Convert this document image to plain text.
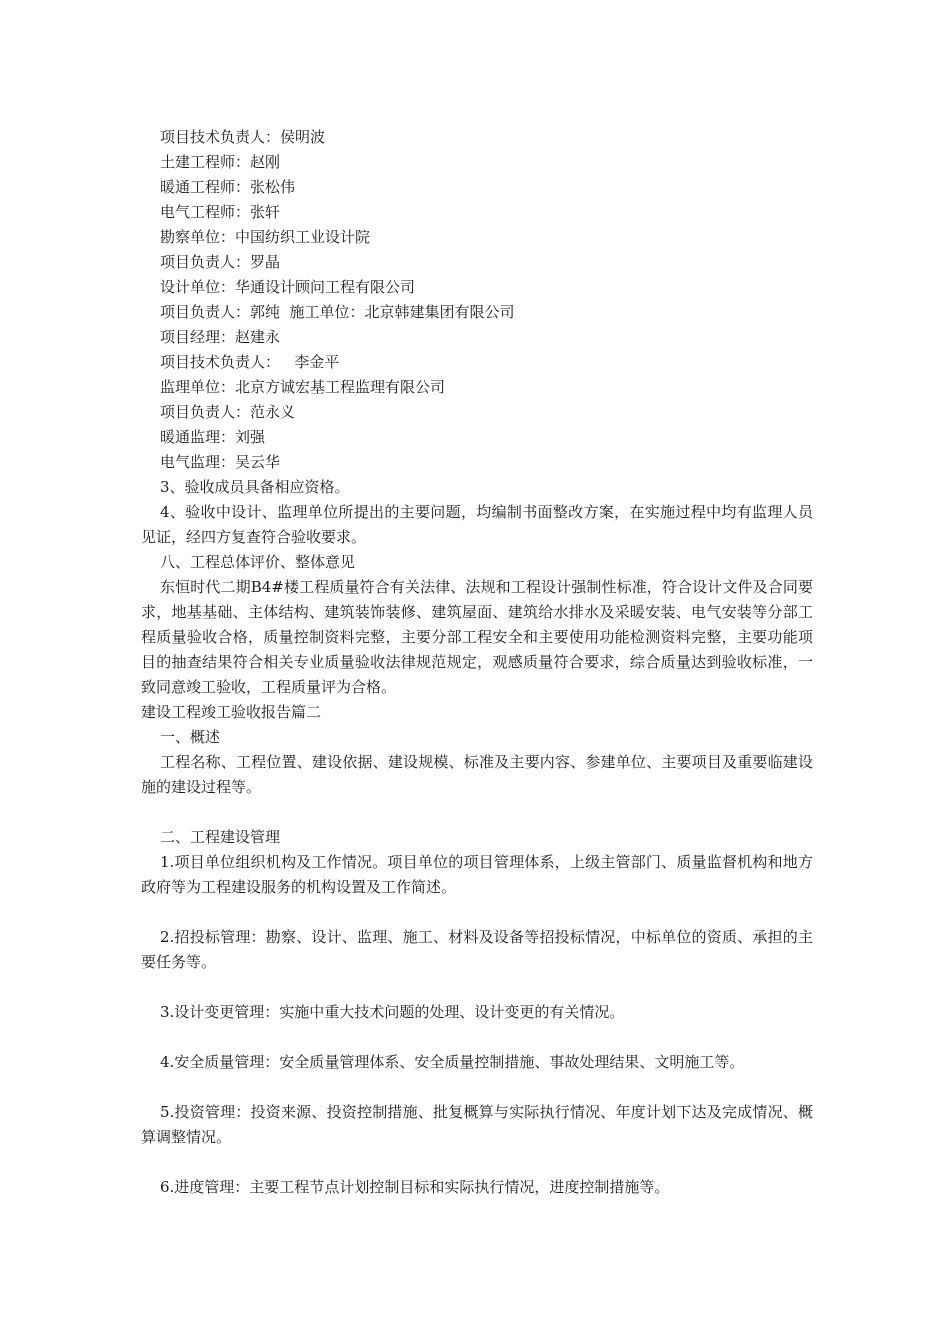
项目技术负责人：侯明波
土建工程师：赵刚
暖通工程师：张松伟
电气工程师：张轩
勘察单位：中国纺织工业设计院
项目负责人：罗晶
设计单位：华通设计顾问工程有限公司
项目负责人：郭纯  施工单位：北京韩建集团有限公司
项目经理：赵建永
项目技术负责人：   李金平
监理单位：北京方诚宏基工程监理有限公司
项目负责人：范永义
暖通监理：刘强
电气监理：吴云华
3、验收成员具备相应资格。
4、验收中设计、监理单位所提出的主要问题，均编制书面整改方案，在实施过程中均有监理人员见证，经四方复查符合验收要求。
八、工程总体评价、整体意见
东恒时代二期B4#楼工程质量符合有关法律、法规和工程设计强制性标准，符合设计文件及合同要求，地基基础、主体结构、建筑装饰装修、建筑屋面、建筑给水排水及采暖安装、电气安装等分部工程质量验收合格，质量控制资料完整，主要分部工程安全和主要使用功能检测资料完整，主要功能项目的抽查结果符合相关专业质量验收法律规范规定，观感质量符合要求，综合质量达到验收标准，一致同意竣工验收，工程质量评为合格。
建设工程竣工验收报告篇二
一、概述
工程名称、工程位置、建设依据、建设规模、标准及主要内容、参建单位、主要项目及重要临建设施的建设过程等。
二、工程建设管理
1.项目单位组织机构及工作情况。项目单位的项目管理体系，上级主管部门、质量监督机构和地方政府等为工程建设服务的机构设置及工作简述。
2.招投标管理：勘察、设计、监理、施工、材料及设备等招投标情况，中标单位的资质、承担的主要任务等。
3.设计变更管理：实施中重大技术问题的处理、设计变更的有关情况。
4.安全质量管理：安全质量管理体系、安全质量控制措施、事故处理结果、文明施工等。
5.投资管理：投资来源、投资控制措施、批复概算与实际执行情况、年度计划下达及完成情况、概算调整情况。
6.进度管理：主要工程节点计划控制目标和实际执行情况，进度控制措施等。
